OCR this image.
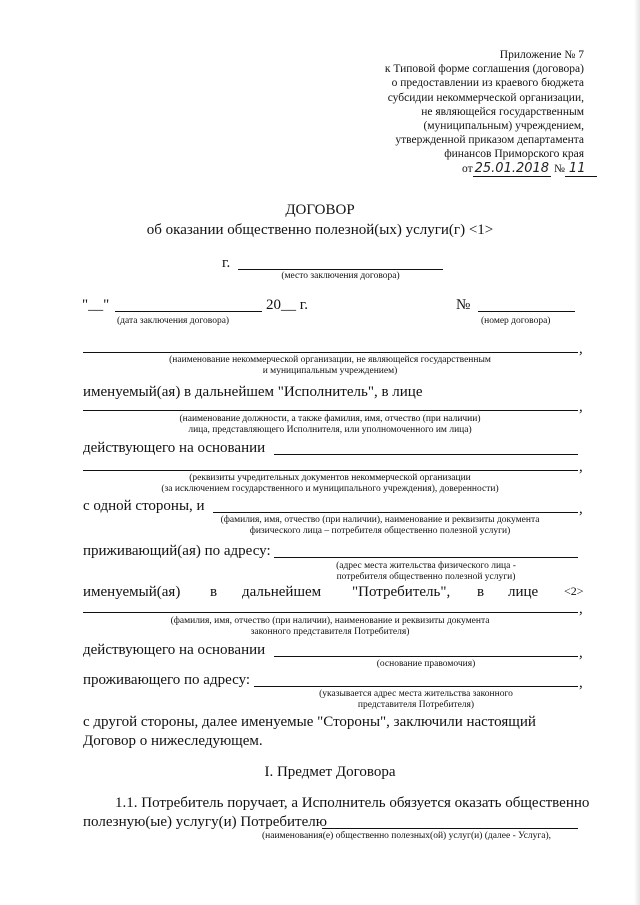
Приложение № 7
к Типовой форме соглашения (договора)
о предоставлении из краевого бюджета
субсидии некоммерческой организации,
не являющейся государственным
(муниципальным) учреждением,
утвержденной приказом департамента
финансов Приморского края
от 25.01.2018 № 11
ДОГОВОР
об оказании общественно полезной(ых) услуги(г) <1>
г.
(место заключения договора)
"__"	20__ г.
(дата заключения договора)
№
(номер договора)
,
(наименование некоммерческой организации, не являющейся государственным
и муниципальным учреждением)
именуемый(ая) в дальнейшем "Исполнитель", в лице
,
(наименование должности, а также фамилия, имя, отчество (при наличии)
лица, представляющего Исполнителя, или уполномоченного им лица)
действующего на основании
,
(реквизиты учредительных документов некоммерческой организации
(за исключением государственного и муниципального учреждения), доверенности)
с одной стороны, и	,
(фамилия, имя, отчество (при наличии), наименование и реквизиты документа
физического лица – потребителя общественно полезной услуги)
приживающий(ая) по адресу:
(адрес места жительства физического лица -
потребителя общественно полезной услуги)
именуемый(ая) в дальнейшем "Потребитель", в лице <2>
,
(фамилия, имя, отчество (при наличии), наименование и реквизиты документа
законного представителя Потребителя)
действующего на основании	,
(основание правомочия)
проживающего по адресу:	,
(указывается адрес места жительства законного
представителя Потребителя)
с другой стороны, далее именуемые "Стороны", заключили настоящий
Договор о нижеследующем.
I. Предмет Договора
1.1. Потребитель поручает, а Исполнитель обязуется оказать общественно
полезную(ые) услугу(и) Потребителю
(наименования(е) общественно полезных(ой) услуг(и) (далее - Услуга),
